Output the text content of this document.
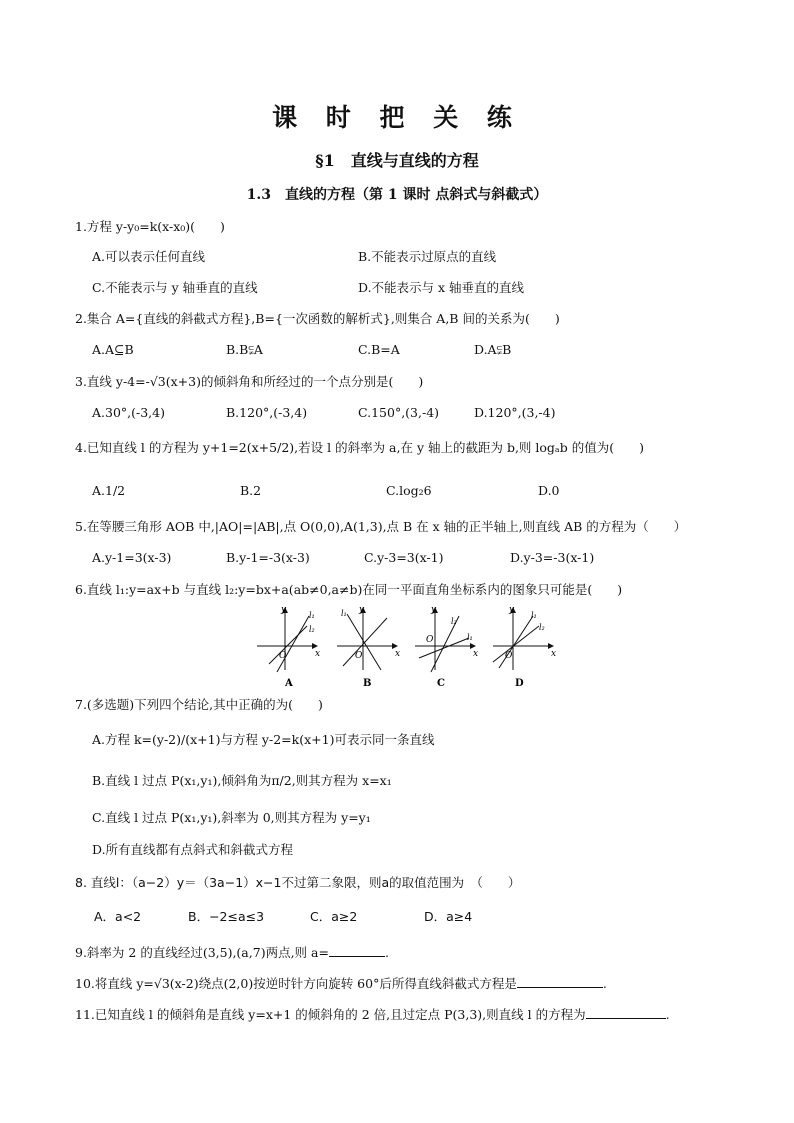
课 时 把 关 练
§1　直线与直线的方程
1.3　直线的方程（第 1 课时 点斜式与斜截式）
1.方程 y-y₀=k(x-x₀)(　　)
A.可以表示任何直线	B.不能表示过原点的直线
C.不能表示与 y 轴垂直的直线	D.不能表示与 x 轴垂直的直线
2.集合 A={直线的斜截式方程},B={一次函数的解析式},则集合 A,B 间的关系为(　　)
A.A⊆B	B.B⫋A	C.B=A	D.A⫋B
3.直线 y-4=-√3(x+3)的倾斜角和所经过的一个点分别是(　　)
A.30°,(-3,4)	B.120°,(-3,4)	C.150°,(3,-4)	D.120°,(3,-4)
4.已知直线 l 的方程为 y+1=2(x+5/2),若设 l 的斜率为 a,在 y 轴上的截距为 b,则 logₐb 的值为(　　)
A.1/2	B.2	C.log₂6	D.0
5.在等腰三角形 AOB 中,|AO|=|AB|,点 O(0,0),A(1,3),点 B 在 x 轴的正半轴上,则直线 AB 的方程为（　　）
A.y-1=3(x-3)	B.y-1=-3(x-3)	C.y-3=3(x-1)	D.y-3=-3(x-1)
6.直线 l₁:y=ax+b 与直线 l₂:y=bx+a(ab≠0,a≠b)在同一平面直角坐标系内的图象只可能是(　　)
y
x
O
l₁
l₂
A
y
x
O
l₁
B
y
x
O
l₂
l₁
C
y
x
O
l₁
l₂
D
7.(多选题)下列四个结论,其中正确的为(　　)
A.方程 k=(y-2)/(x+1)与方程 y-2=k(x+1)可表示同一条直线
B.直线 l 过点 P(x₁,y₁),倾斜角为π/2,则其方程为 x=x₁
C.直线 l 过点 P(x₁,y₁),斜率为 0,则其方程为 y=y₁
D.所有直线都有点斜式和斜截式方程
8. 直线l：（a−2）y＝（3a−1）x−1不过第二象限，则a的取值范围为　（　　）
A．a<2	B．−2≤a≤3	C．a≥2	D．a≥4
9.斜率为 2 的直线经过(3,5),(a,7)两点,则 a=	.
10.将直线 y=√3(x-2)绕点(2,0)按逆时针方向旋转 60°后所得直线斜截式方程是	.
11.已知直线 l 的倾斜角是直线 y=x+1 的倾斜角的 2 倍,且过定点 P(3,3),则直线 l 的方程为	.
